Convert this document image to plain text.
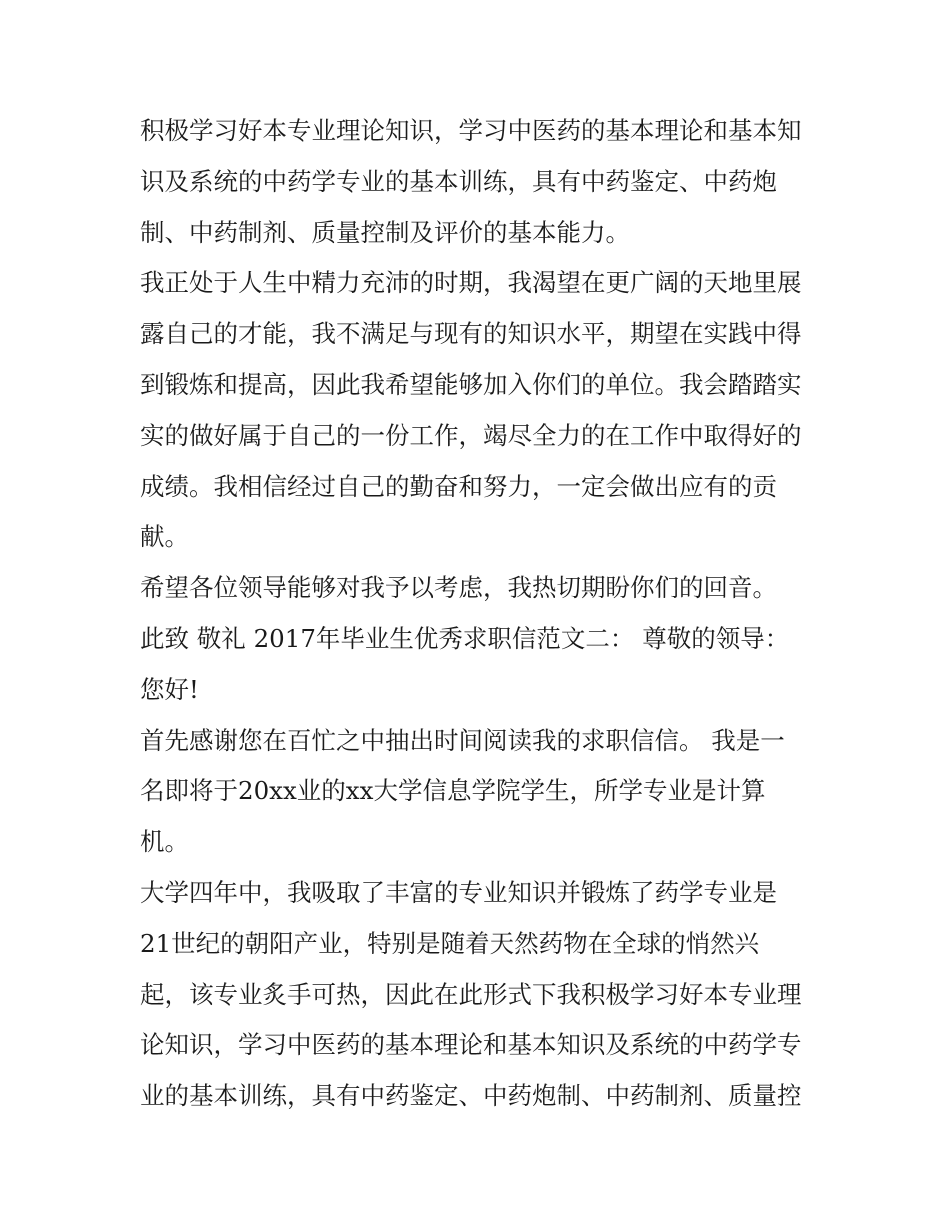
积极学习好本专业理论知识，学习中医药的基本理论和基本知
识及系统的中药学专业的基本训练，具有中药鉴定、中药炮
制、中药制剂、质量控制及评价的基本能力。
我正处于人生中精力充沛的时期，我渴望在更广阔的天地里展
露自己的才能，我不满足与现有的知识水平，期望在实践中得
到锻炼和提高，因此我希望能够加入你们的单位。我会踏踏实
实的做好属于自己的一份工作，竭尽全力的在工作中取得好的
成绩。我相信经过自己的勤奋和努力，一定会做出应有的贡
献。
希望各位领导能够对我予以考虑，我热切期盼你们的回音。
此致 敬礼 2017年毕业生优秀求职信范文二： 尊敬的领导：
您好!
首先感谢您在百忙之中抽出时间阅读我的求职信信。 我是一
名即将于20xx业的xx大学信息学院学生，所学专业是计算
机。
大学四年中，我吸取了丰富的专业知识并锻炼了药学专业是
21世纪的朝阳产业，特别是随着天然药物在全球的悄然兴
起，该专业炙手可热，因此在此形式下我积极学习好本专业理
论知识，学习中医药的基本理论和基本知识及系统的中药学专
业的基本训练，具有中药鉴定、中药炮制、中药制剂、质量控
